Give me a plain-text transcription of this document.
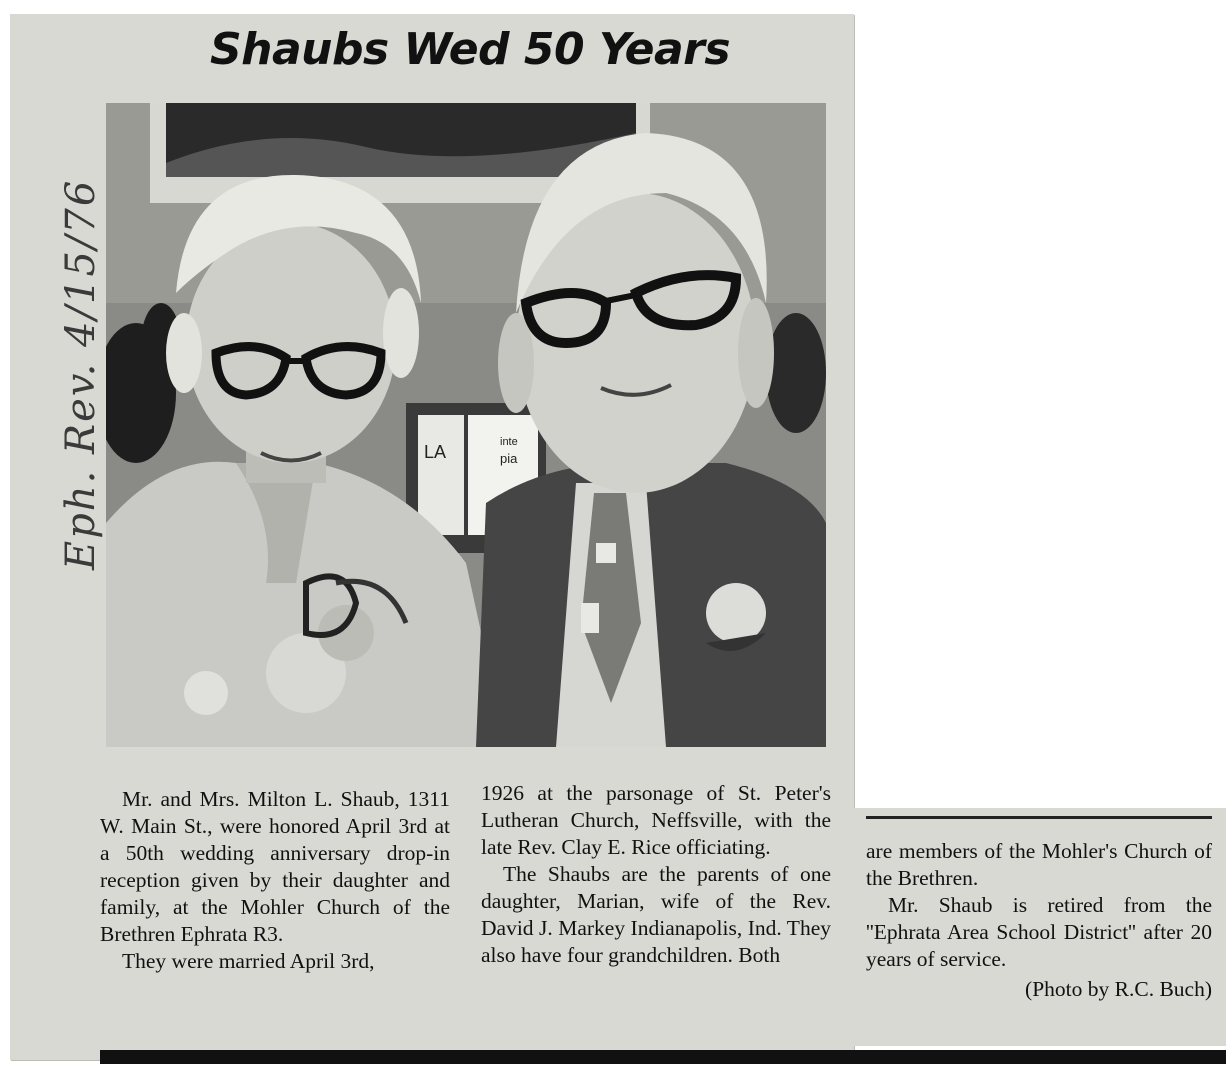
Shaubs Wed 50 Years
Eph. Rev. 4/15/76	LA	inte
pia

Mr. and Mrs. Milton L. Shaub, 1311 W. Main St., were honored April 3rd at a 50th wedding anniversary drop-in reception given by their daughter and family, at the Mohler Church of the Brethren Ephrata R3.

They were married April 3rd,

1926 at the parsonage of St. Peter's Lutheran Church, Neffsville, with the late Rev. Clay E. Rice officiating.

The Shaubs are the parents of one daughter, Marian, wife of the Rev. David J. Markey Indianapolis, Ind. They also have four grandchildren. Both

are members of the Mohler's Church of the Brethren.

Mr. Shaub is retired from the ''Ephrata Area School District'' after 20 years of service.

(Photo by R.C. Buch)
